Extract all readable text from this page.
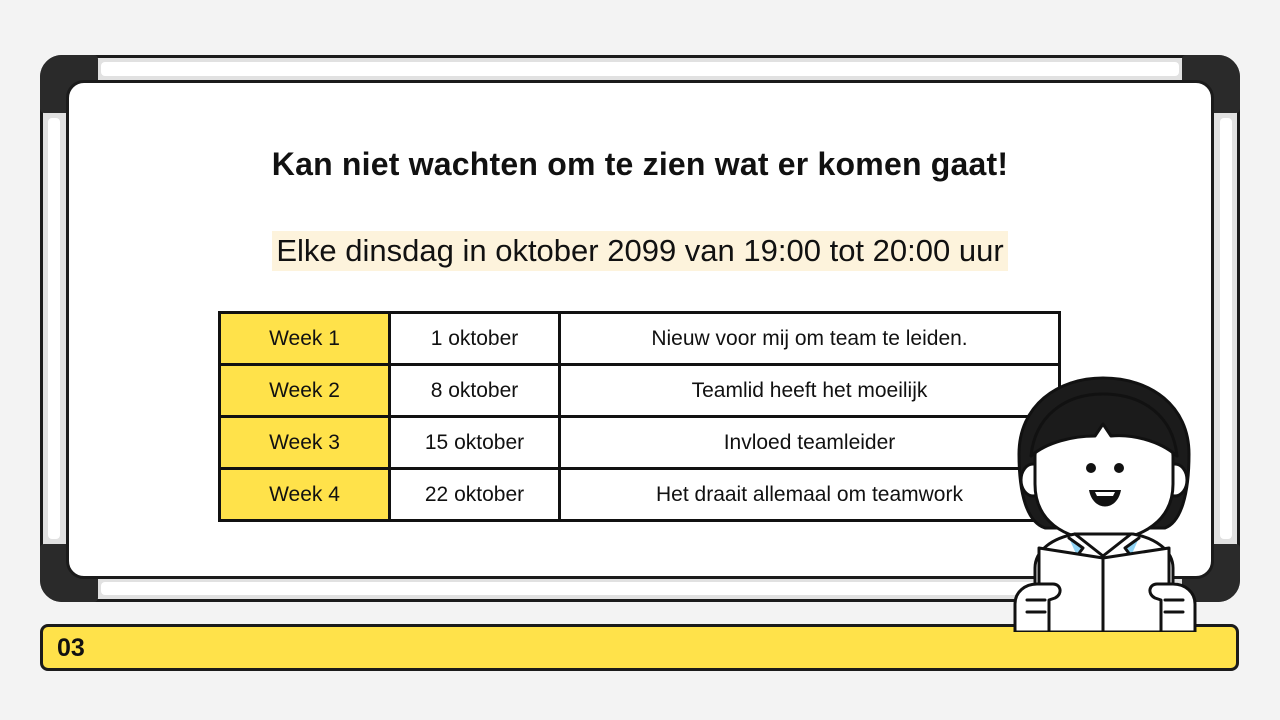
Kan niet wachten om te zien wat er komen gaat!
Elke dinsdag in oktober 2099 van 19:00 tot 20:00 uur
Week 1	1 oktober	Nieuw voor mij om team te leiden.
Week 2	8 oktober	Teamlid heeft het moeilijk
Week 3	15 oktober	Invloed teamleider
Week 4	22 oktober	Het draait allemaal om teamwork
03
